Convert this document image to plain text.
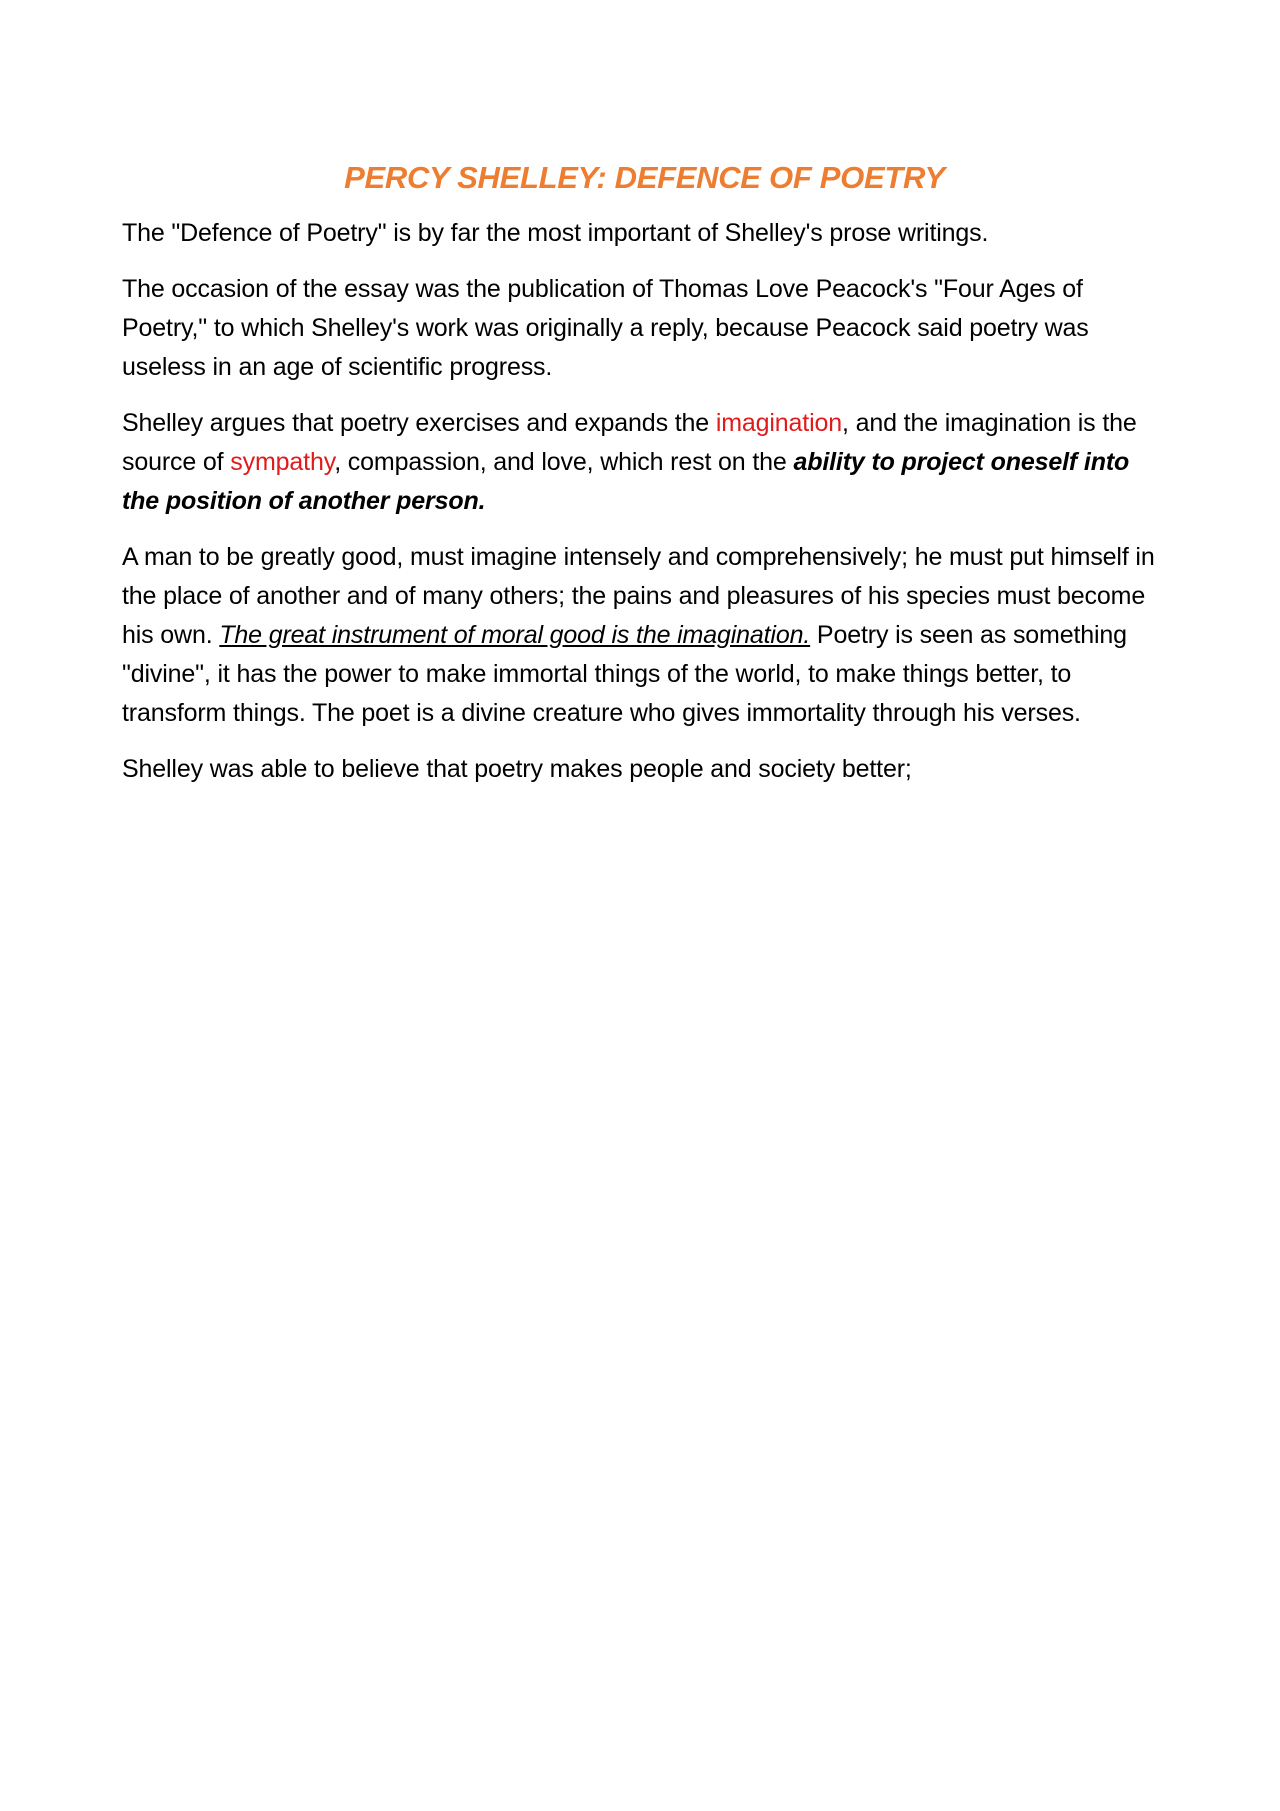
PERCY SHELLEY: DEFENCE OF POETRY

The "Defence of Poetry" is by far the most important of Shelley's prose writings.

The occasion of the essay was the publication of Thomas Love Peacock's "Four Ages of Poetry," to which Shelley's work was originally a reply, because Peacock said poetry was useless in an age of scientific progress.

Shelley argues that poetry exercises and expands the imagination, and the imagination is the source of sympathy, compassion, and love, which rest on the ability to project oneself into the position of another person.

A man to be greatly good, must imagine intensely and comprehensively; he must put himself in the place of another and of many others; the pains and pleasures of his species must become his own. The great instrument of moral good is the imagination. Poetry is seen as something "divine", it has the power to make immortal things of the world, to make things better, to transform things. The poet is a divine creature who gives immortality through his verses.

Shelley was able to believe that poetry makes people and society better;
